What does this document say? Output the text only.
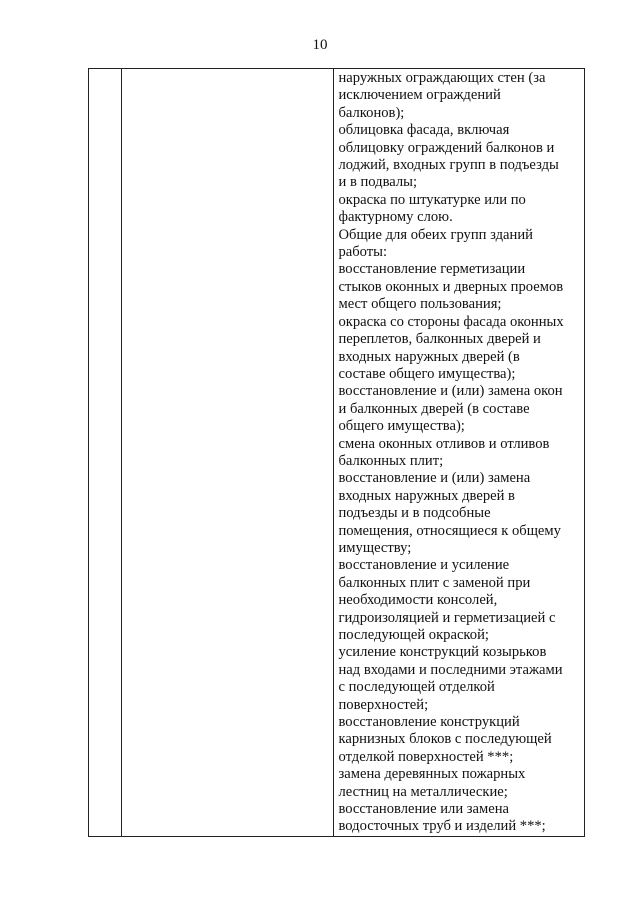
10

наружных ограждающих стен (за
исключением ограждений
балконов);
облицовка фасада, включая
облицовку ограждений балконов и
лоджий, входных групп в подъезды
и в подвалы;
окраска по штукатурке или по
фактурному слою.
Общие для обеих групп зданий
работы:
восстановление герметизации
стыков оконных и дверных проемов
мест общего пользования;
окраска со стороны фасада оконных
переплетов, балконных дверей и
входных наружных дверей (в
составе общего имущества);
восстановление и (или) замена окон
и балконных дверей (в составе
общего имущества);
смена оконных отливов и отливов
балконных плит;
восстановление и (или) замена
входных наружных дверей в
подъезды и в подсобные
помещения, относящиеся к общему
имуществу;
восстановление и усиление
балконных плит с заменой при
необходимости консолей,
гидроизоляцией и герметизацией с
последующей окраской;
усиление конструкций козырьков
над входами и последними этажами
с последующей отделкой
поверхностей;
восстановление конструкций
карнизных блоков с последующей
отделкой поверхностей ***;
замена деревянных пожарных
лестниц на металлические;
восстановление или замена
водосточных труб и изделий ***;
